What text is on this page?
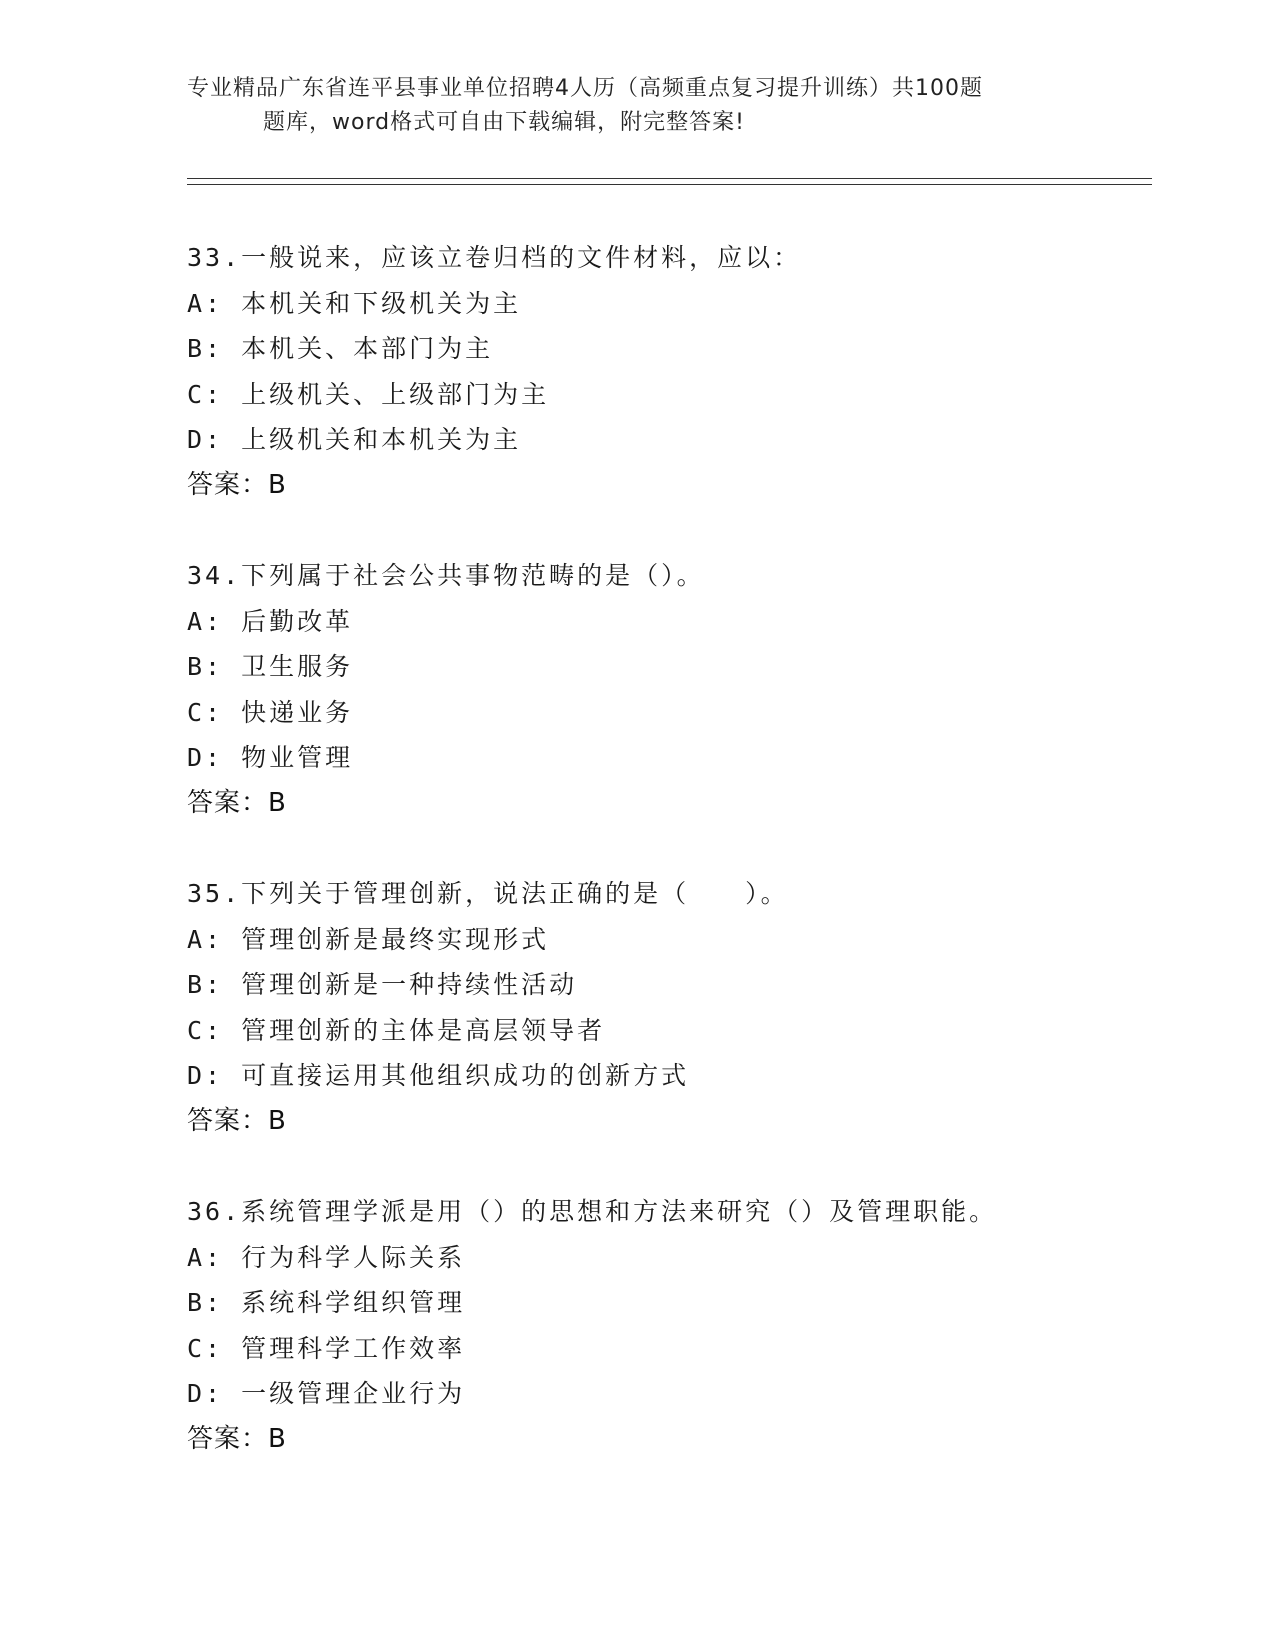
专业精品广东省连平县事业单位招聘4人历（高频重点复习提升训练）共100题
题库，word格式可自由下载编辑，附完整答案!
33.一般说来，应该立卷归档的文件材料，应以：
A: 本机关和下级机关为主
B: 本机关、本部门为主
C: 上级机关、上级部门为主
D: 上级机关和本机关为主
答案：B
34.下列属于社会公共事物范畴的是（）。
A: 后勤改革
B: 卫生服务
C: 快递业务
D: 物业管理
答案：B
35.下列关于管理创新，说法正确的是（　　）。
A: 管理创新是最终实现形式
B: 管理创新是一种持续性活动
C: 管理创新的主体是高层领导者
D: 可直接运用其他组织成功的创新方式
答案：B
36.系统管理学派是用（）的思想和方法来研究（）及管理职能。
A: 行为科学人际关系
B: 系统科学组织管理
C: 管理科学工作效率
D: 一级管理企业行为
答案：B
